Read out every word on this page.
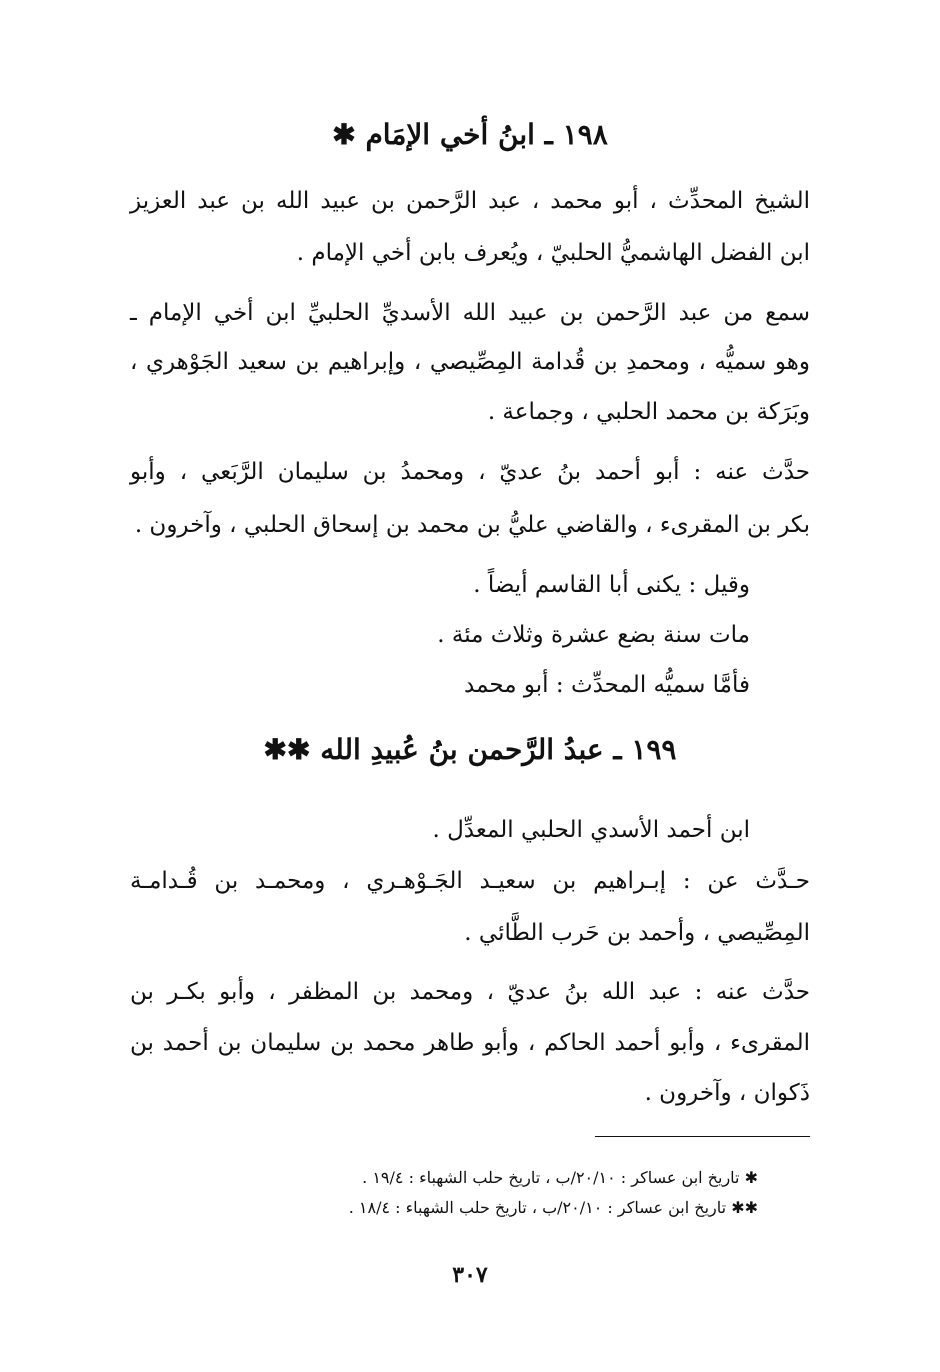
١٩٨ ـ ابنُ أخي الإمَام ✱
الشيخ المحدِّث ، أبو محمد ، عبد الرَّحمن بن عبيد الله بن عبد العزيز
ابن الفضل الهاشميُّ الحلبيّ ، ويُعرف بابن أخي الإمام .
سمع من عبد الرَّحمن بن عبيد الله الأسديِّ الحلبيِّ ابن أخي الإمام ـ
وهو سميُّه ، ومحمدِ بن قُدامة المِصِّيصي ، وإبراهيم بن سعيد الجَوْهري ،
وبَرَكة بن محمد الحلبي ، وجماعة .
حدَّث عنه : أبو أحمد بنُ عديّ ، ومحمدُ بن سليمان الرَّبَعي ، وأبو
بكر بن المقرىء ، والقاضي عليُّ بن محمد بن إسحاق الحلبي ، وآخرون .
وقيل : يكنى أبا القاسم أيضاً .
مات سنة بضع عشرة وثلاث مئة .
فأمَّا سميُّه المحدِّث : أبو محمد
١٩٩ ـ عبدُ الرَّحمن بنُ عُبيدِ الله ✱✱
ابن أحمد الأسدي الحلبي المعدِّل .
حـدَّث عن : إبـراهيم بن سعيـد الجَـوْهـري ، ومحمـد بن قُـدامـة
المِصِّيصي ، وأحمد بن حَرب الطَّائي .
حدَّث عنه : عبد الله بنُ عديّ ، ومحمد بن المظفر ، وأبو بكـر بن
المقرىء ، وأبو أحمد الحاكم ، وأبو طاهر محمد بن سليمان بن أحمد بن
ذَكوان ، وآخرون .
✱ تاريخ ابن عساكر : ٢٠/١٠/ب ، تاريخ حلب الشهباء : ١٩/٤ .
✱✱ تاريخ ابن عساكر : ٢٠/١٠/ب ، تاريخ حلب الشهباء : ١٨/٤ .
٣٠٧
